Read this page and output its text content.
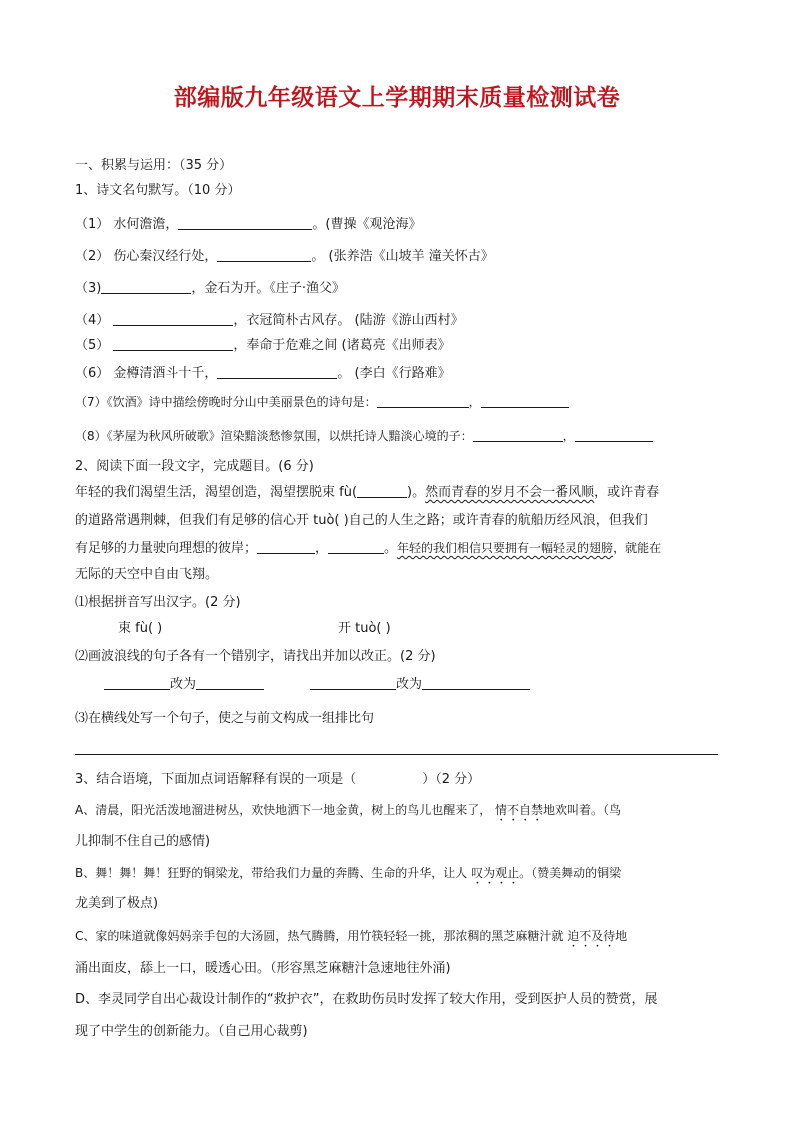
部编版九年级语文上学期期末质量检测试卷
一、积累与运用：（35 分）
1、诗文名句默写。（10 分）
（1） 水何澹澹，	。(曹操《观沧海》
（2） 伤心秦汉经行处，	。 (张养浩《山坡羊 潼关怀古》
（3)	，金石为开。《庄子·渔父》
（4）	，衣冠简朴古风存。 (陆游《游山西村》
（5）	，奉命于危难之间 (诸葛亮《出师表》
（6） 金樽清酒斗十千，	。 (李白《行路难》
（7）《饮酒》诗中描绘傍晚时分山中美丽景色的诗句是：	，
（8）《茅屋为秋风所破歌》渲染黯淡愁惨氛围，以烘托诗人黯淡心境的子：	，
2、阅读下面一段文字，完成题目。(6 分)
年轻的我们渴望生活，渴望创造，渴望摆脱束 fù(	)。然而青春的岁月不会一番风顺，或许青春
的道路常遇荆棘，但我们有足够的信心开 tuò( )自己的人生之路；或许青春的航船历经风浪，但我们
有足够的力量驶向理想的彼岸；	，	。年轻的我们相信只要拥有一幅轻灵的翅膀，就能在
无际的天空中自由飞翔。
⑴根据拼音写出汉字。(2 分)
束 fù( )	开 tuò( )
⑵画波浪线的句子各有一个错别字，请找出并加以改正。(2 分)
改为	改为
⑶在横线处写一个句子，使之与前文构成一组排比句
3、结合语境，下面加点词语解释有误的一项是（	）（2 分）
A、清晨，阳光活泼地溜进树丛，欢快地洒下一地金黄，树上的鸟儿也醒来了， 情不自禁地欢叫着。（鸟
儿抑制不住自己的感情)
B、舞！舞！舞！狂野的铜梁龙，带给我们力量的奔腾、生命的升华，让人 叹为观止。（赞美舞动的铜梁
龙美到了极点)
C、家的味道就像妈妈亲手包的大汤圆，热气腾腾，用竹筷轻轻一挑，那浓稠的黑芝麻糖汁就 迫不及待地
涌出面皮，舔上一口，暖透心田。（形容黑芝麻糖汁急速地往外涌)
D、李灵同学自出心裁设计制作的“救护衣”，在救助伤员时发挥了较大作用，受到医护人员的赞赏，展
现了中学生的创新能力。（自己用心裁剪)
